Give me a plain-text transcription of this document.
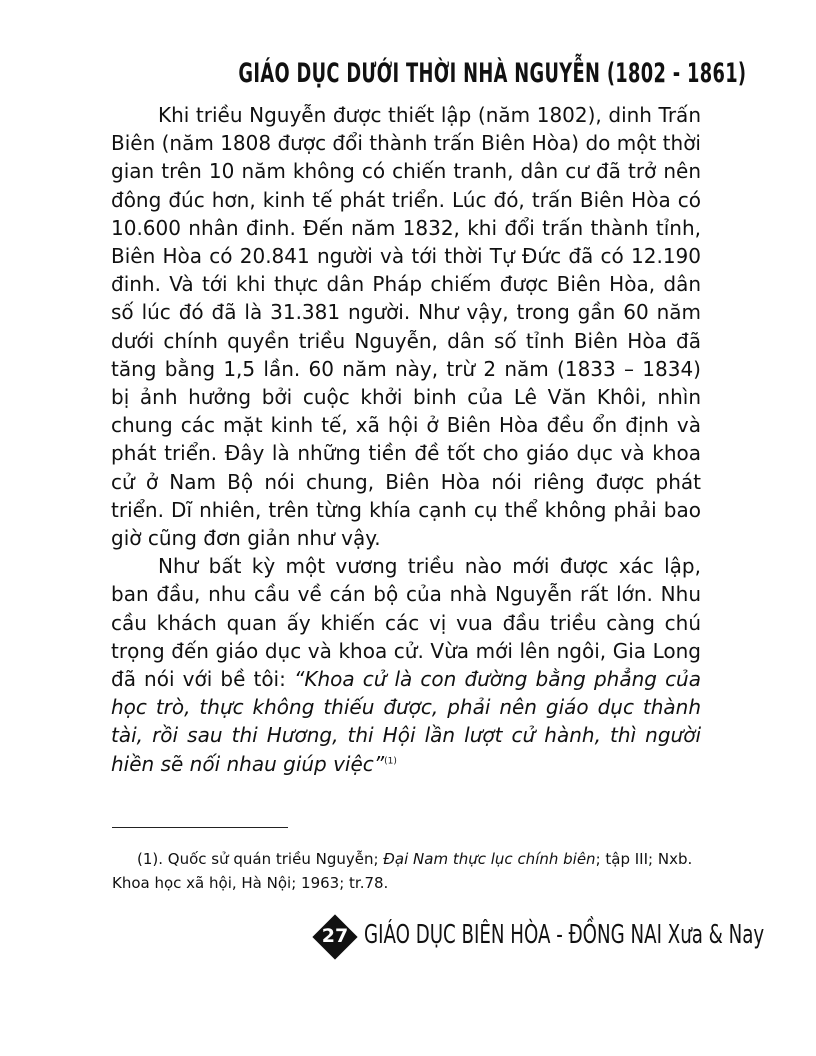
GIÁO DỤC DƯỚI THỜI NHÀ NGUYỄN (1802 - 1861)

Khi triều Nguyễn được thiết lập (năm 1802), dinh Trấn Biên (năm 1808 được đổi thành trấn Biên Hòa) do một thời gian trên 10 năm không có chiến tranh, dân cư đã trở nên đông đúc hơn, kinh tế phát triển. Lúc đó, trấn Biên Hòa có 10.600 nhân đinh. Đến năm 1832, khi đổi trấn thành tỉnh, Biên Hòa có 20.841 người và tới thời Tự Đức đã có 12.190 đinh. Và tới khi thực dân Pháp chiếm được Biên Hòa, dân số lúc đó đã là 31.381 người. Như vậy, trong gần 60 năm dưới chính quyền triều Nguyễn, dân số tỉnh Biên Hòa đã tăng bằng 1,5 lần. 60 năm này, trừ 2 năm (1833 – 1834) bị ảnh hưởng bởi cuộc khởi binh của Lê Văn Khôi, nhìn chung các mặt kinh tế, xã hội ở Biên Hòa đều ổn định và phát triển. Đây là những tiền đề tốt cho giáo dục và khoa cử ở Nam Bộ nói chung, Biên Hòa nói riêng được phát triển. Dĩ nhiên, trên từng khía cạnh cụ thể không phải bao giờ cũng đơn giản như vậy.

Như bất kỳ một vương triều nào mới được xác lập, ban đầu, nhu cầu về cán bộ của nhà Nguyễn rất lớn. Nhu cầu khách quan ấy khiến các vị vua đầu triều càng chú trọng đến giáo dục và khoa cử. Vừa mới lên ngôi, Gia Long đã nói với bề tôi: “Khoa cử là con đường bằng phẳng của học trò, thực không thiếu được, phải nên giáo dục thành tài, rồi sau thi Hương, thi Hội lần lượt cử hành, thì người hiền sẽ nối nhau giúp việc”$^{(1)}$

(1). Quốc sử quán triều Nguyễn; Đại Nam thực lục chính biên; tập III; Nxb. Khoa học xã hội, Hà Nội; 1963; tr.78.
27 GIÁO DỤC BIÊN HÒA - ĐỒNG NAI Xưa & Nay
